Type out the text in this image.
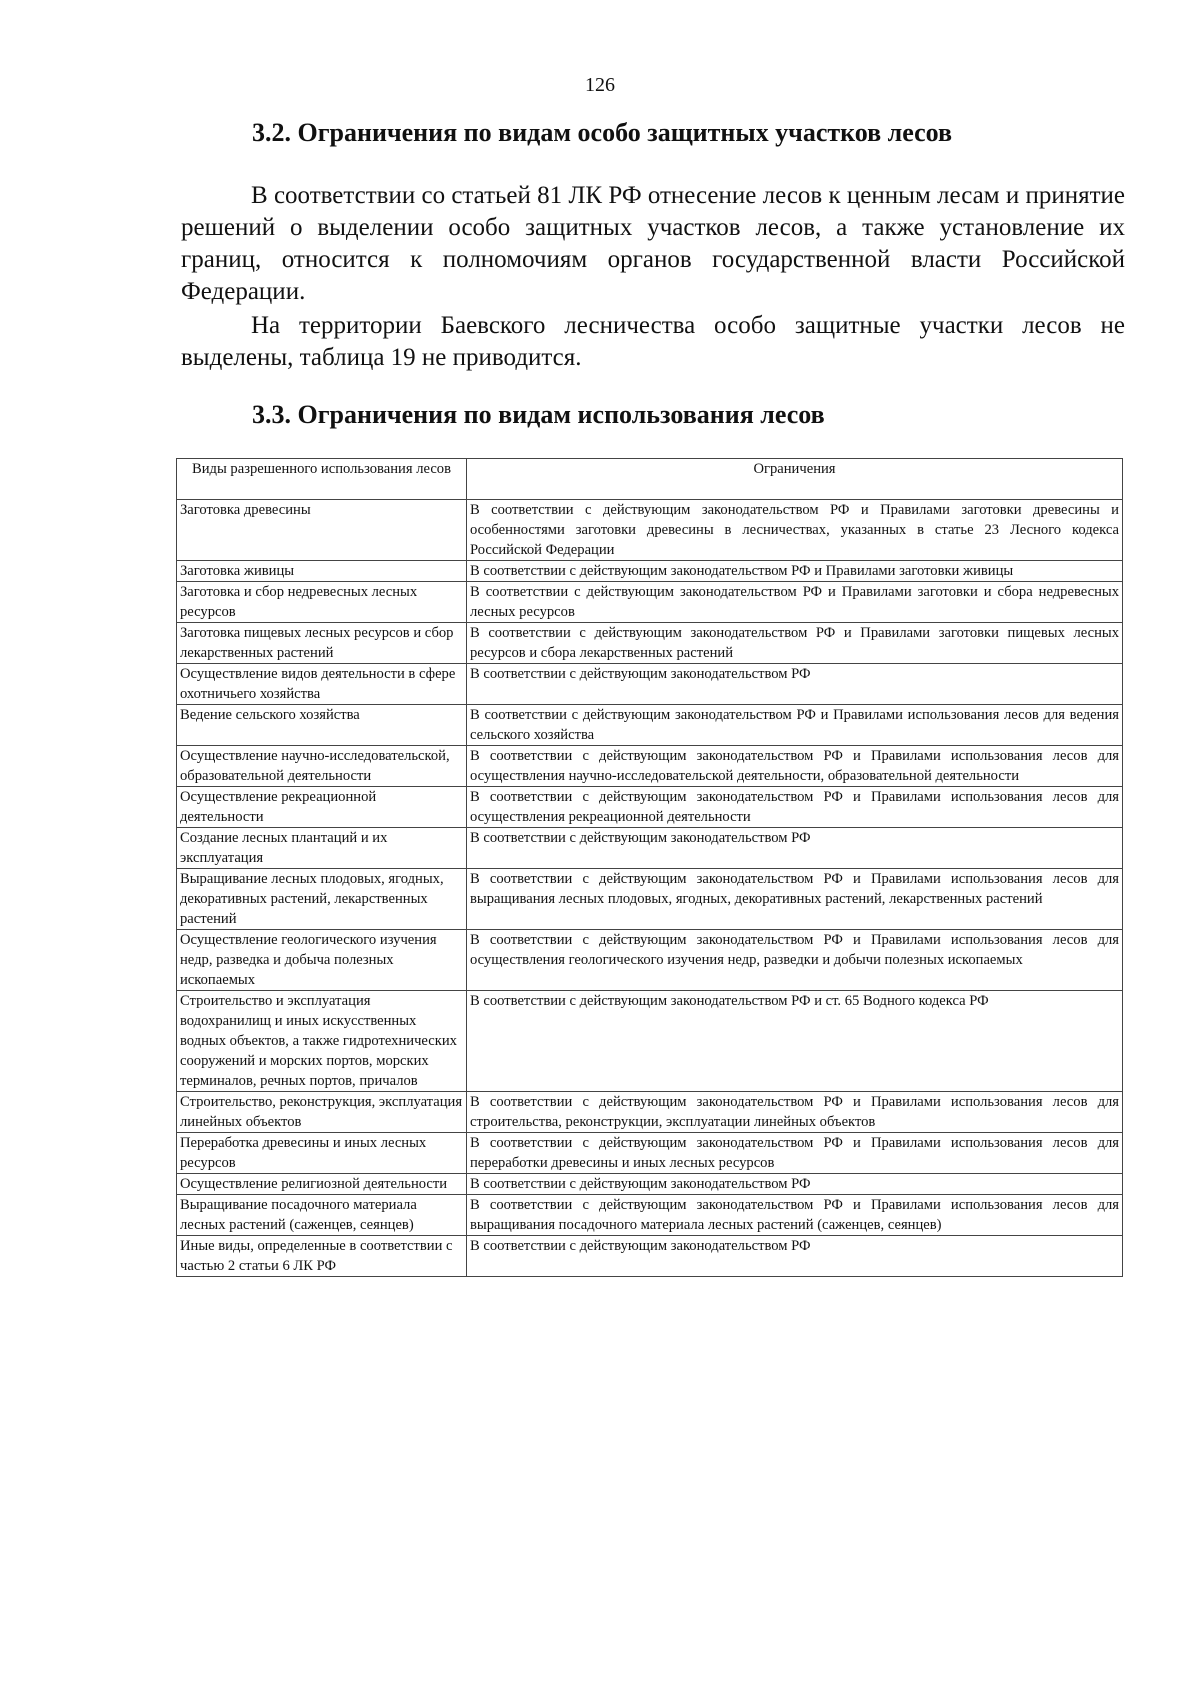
126
3.2. Ограничения по видам особо защитных участков лесов

В соответствии со статьей 81 ЛК РФ отнесение лесов к ценным лесам и принятие решений о выделении особо защитных участков лесов, а также установление их границ, относится к полномочиям органов государственной власти Российской Федерации.

На территории Баевского лесничества особо защитные участки лесов не выделены, таблица 19 не приводится.

3.3. Ограничения по видам использования лесов
Виды разрешенного использования лесов	Ограничения
Заготовка древесины	В соответствии с действующим законодательством РФ и Правилами заготовки древесины и особенностями заготовки древесины в лесничествах, указанных в статье 23 Лесного кодекса Российской Федерации
Заготовка живицы	В соответствии с действующим законодательством РФ и Правилами заготовки живицы
Заготовка и сбор недревесных лесных ресурсов	В соответствии с действующим законодательством РФ и Правилами заготовки и сбора недревесных лесных ресурсов
Заготовка пищевых лесных ресурсов и сбор лекарственных растений	В соответствии с действующим законодательством РФ и Правилами заготовки пищевых лесных ресурсов и сбора лекарственных растений
Осуществление видов деятельности в сфере охотничьего хозяйства	В соответствии с действующим законодательством РФ
Ведение сельского хозяйства	В соответствии с действующим законодательством РФ и Правилами использования лесов для ведения сельского хозяйства
Осуществление научно-исследовательской, образовательной деятельности	В соответствии с действующим законодательством РФ и Правилами использования лесов для осуществления научно-исследовательской деятельности, образовательной деятельности
Осуществление рекреационной деятельности	В соответствии с действующим законодательством РФ и Правилами использования лесов для осуществления рекреационной деятельности
Создание лесных плантаций и их эксплуатация	В соответствии с действующим законодательством РФ
Выращивание лесных плодовых, ягодных, декоративных растений, лекарственных растений	В соответствии с действующим законодательством РФ и Правилами использования лесов для выращивания лесных плодовых, ягодных, декоративных растений, лекарственных растений
Осуществление геологического изучения недр, разведка и добыча полезных ископаемых	В соответствии с действующим законодательством РФ и Правилами использования лесов для осуществления геологического изучения недр, разведки и добычи полезных ископаемых
Строительство и эксплуатация водохранилищ и иных искусственных водных объектов, а также гидротехнических сооружений и морских портов, морских терминалов, речных портов, причалов	В соответствии с действующим законодательством РФ и ст. 65 Водного кодекса РФ
Строительство, реконструкция, эксплуатация линейных объектов	В соответствии с действующим законодательством РФ и Правилами использования лесов для строительства, реконструкции, эксплуатации линейных объектов
Переработка древесины и иных лесных ресурсов	В соответствии с действующим законодательством РФ и Правилами использования лесов для переработки древесины и иных лесных ресурсов
Осуществление религиозной деятельности	В соответствии с действующим законодательством РФ
Выращивание посадочного материала лесных растений (саженцев, сеянцев)	В соответствии с действующим законодательством РФ и Правилами использования лесов для выращивания посадочного материала лесных растений (саженцев, сеянцев)
Иные виды, определенные в соответствии с частью 2 статьи 6 ЛК РФ	В соответствии с действующим законодательством РФ
